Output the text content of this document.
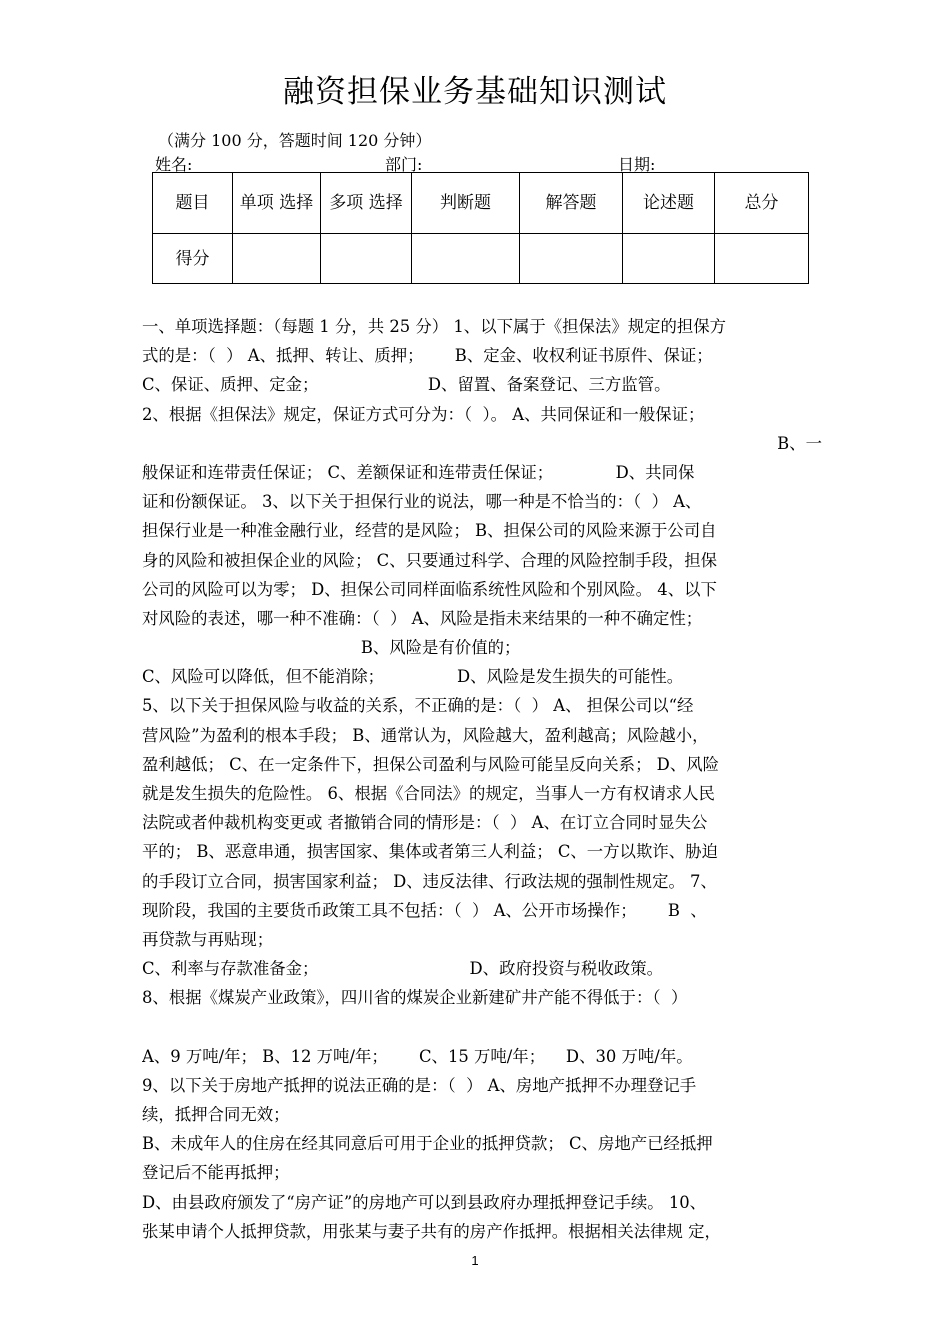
融资担保业务基础知识测试
（满分 100 分，答题时间 120 分钟）
姓名:	部门:	日期:
题目	单项 选择	多项 选择	判断题	解答题	论述题	总分
得分						
一、单项选择题：（每题 1 分，共 25 分） 1、以下属于《担保法》规定的担保方
式的是：（  ） A、抵押、转让、质押；      B、定金、收权利证书原件、保证；
C、保证、质押、定金；                     D、留置、备案登记、三方监管。
2、根据《担保法》规定，保证方式可分为：（  ）。 A、共同保证和一般保证；
B、一
般保证和连带责任保证； C、差额保证和连带责任保证；            D、共同保
证和份额保证。 3、以下关于担保行业的说法，哪一种是不恰当的：（  ） A、
担保行业是一种准金融行业，经营的是风险； B、担保公司的风险来源于公司自
身的风险和被担保企业的风险； C、只要通过科学、合理的风险控制手段，担保
公司的风险可以为零； D、担保公司同样面临系统性风险和个别风险。 4、以下
对风险的表述，哪一种不准确：（  ） A、风险是指未来结果的一种不确定性；
B、风险是有价值的；
C、风险可以降低，但不能消除；              D、风险是发生损失的可能性。
5、以下关于担保风险与收益的关系，不正确的是：（  ） A、 担保公司以“经
营风险”为盈利的根本手段； B、通常认为，风险越大，盈利越高；风险越小，
盈利越低； C、在一定条件下，担保公司盈利与风险可能呈反向关系； D、风险
就是发生损失的危险性。 6、根据《合同法》的规定，当事人一方有权请求人民
法院或者仲裁机构变更或 者撤销合同的情形是：（  ） A、在订立合同时显失公
平的； B、恶意串通，损害国家、集体或者第三人利益； C、一方以欺诈、胁迫
的手段订立合同，损害国家利益； D、违反法律、行政法规的强制性规定。 7、
现阶段，我国的主要货币政策工具不包括：（  ） A、公开市场操作；      B  、
再贷款与再贴现；
C、利率与存款准备金；                             D、政府投资与税收政策。
8、根据《煤炭产业政策》，四川省的煤炭企业新建矿井产能不得低于：（  ）
A、9 万吨/年； B、12 万吨/年；      C、15 万吨/年；    D、30 万吨/年。
9、以下关于房地产抵押的说法正确的是：（  ） A、房地产抵押不办理登记手
续，抵押合同无效；
B、未成年人的住房在经其同意后可用于企业的抵押贷款； C、房地产已经抵押
登记后不能再抵押；
D、由县政府颁发了“房产证”的房地产可以到县政府办理抵押登记手续。 10、
张某申请个人抵押贷款，用张某与妻子共有的房产作抵押。根据相关法律规 定，
1
